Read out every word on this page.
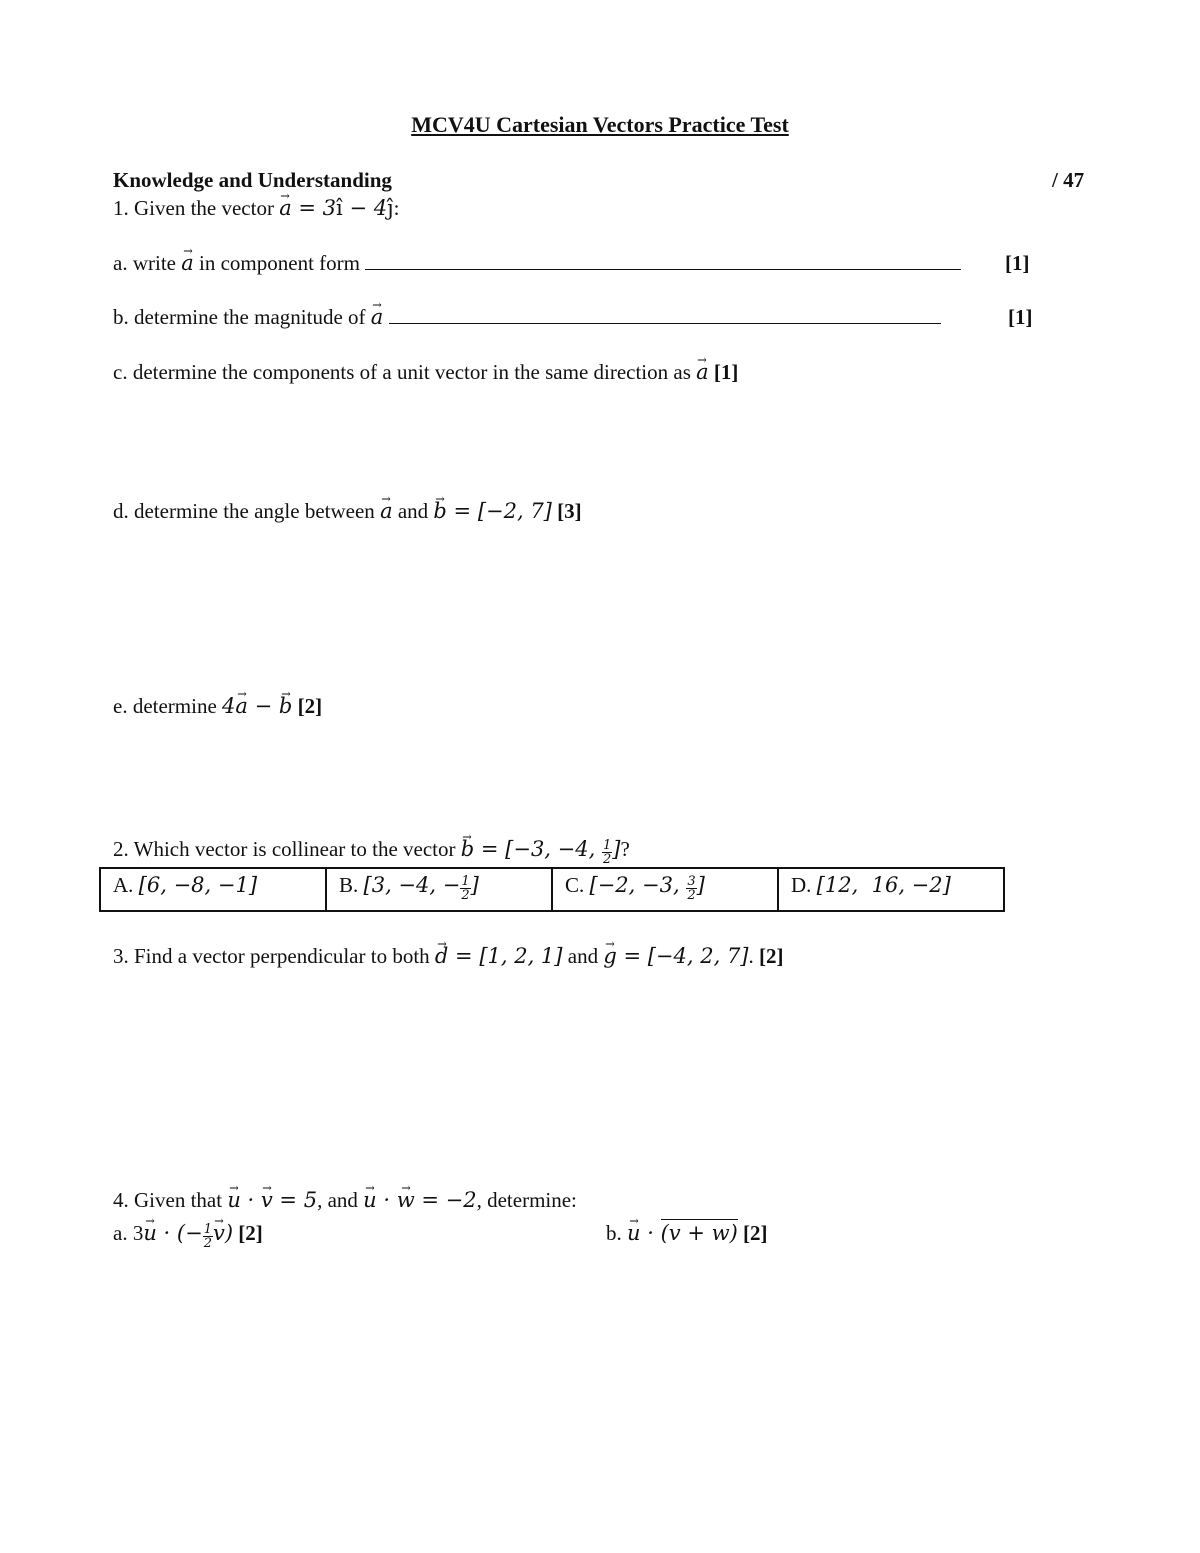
MCV4U Cartesian Vectors Practice Test
Knowledge and Understanding	/ 47
1. Given the vector → a = 3î − 4ĵ:
a. write → a in component form	[1]
b. determine the magnitude of → a	[1]
c. determine the components of a unit vector in the same direction as → a [1]
d. determine the angle between → a and → b = [−2, 7] [3]
e. determine 4→ a − → b [2]
2. Which vector is collinear to the vector → b = [−3, −4, $\frac{1}{2}$ ]?
A. [6, −8, −1]	B. [3, −4, − $\frac{1}{2}$ ]	C. [−2, −3, $\frac{3}{2}$ ]	D. [12,  16, −2]
3. Find a vector perpendicular to both → d = [1, 2, 1] and → g = [−4, 2, 7]. [2]
4. Given that → u · → v = 5, and → u · → w = −2, determine:
a. 3→ u · (− $\frac{1}{2} \to v$) [2]	b. → u · (v + w) [2]
